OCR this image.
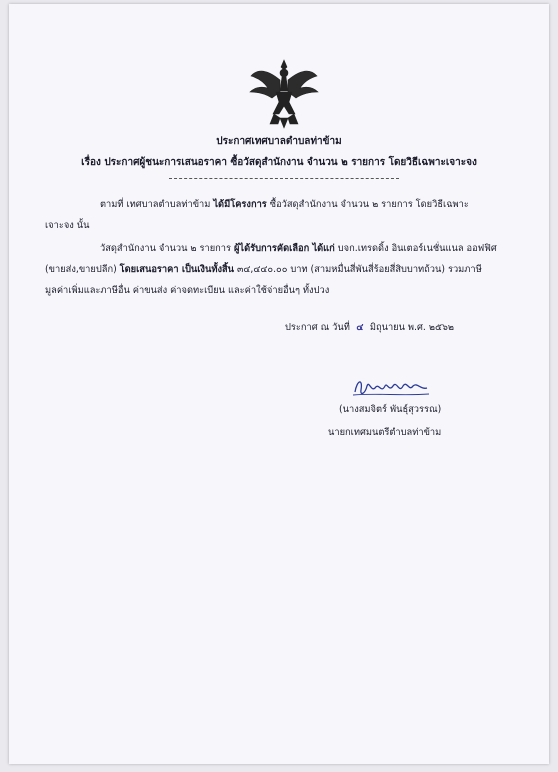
ประกาศเทศบาลตำบลท่าข้าม
เรื่อง ประกาศผู้ชนะการเสนอราคา ซื้อวัสดุสำนักงาน จำนวน ๒ รายการ โดยวิธีเฉพาะเจาะจง
ตามที่ เทศบาลตำบลท่าข้าม ได้มีโครงการ ซื้อวัสดุสำนักงาน จำนวน ๒ รายการ โดยวิธีเฉพาะ
เจาะจง นั้น
วัสดุสำนักงาน จำนวน ๒ รายการ ผู้ได้รับการคัดเลือก ได้แก่ บจก.เทรดดิ้ง อินเตอร์เนชั่นแนล ออฟฟิศ
(ขายส่ง,ขายปลีก) โดยเสนอราคา เป็นเงินทั้งสิ้น ๓๔,๔๔๐.๐๐ บาท (สามหมื่นสี่พันสี่ร้อยสี่สิบบาทถ้วน) รวมภาษี
มูลค่าเพิ่มและภาษีอื่น ค่าขนส่ง ค่าจดทะเบียน และค่าใช้จ่ายอื่นๆ ทั้งปวง
ประกาศ ณ วันที่ ๔ มิถุนายน พ.ศ. ๒๕๖๒
(นางสมจิตร์ พันธุ์สุวรรณ)
นายกเทศมนตรีตำบลท่าข้าม
